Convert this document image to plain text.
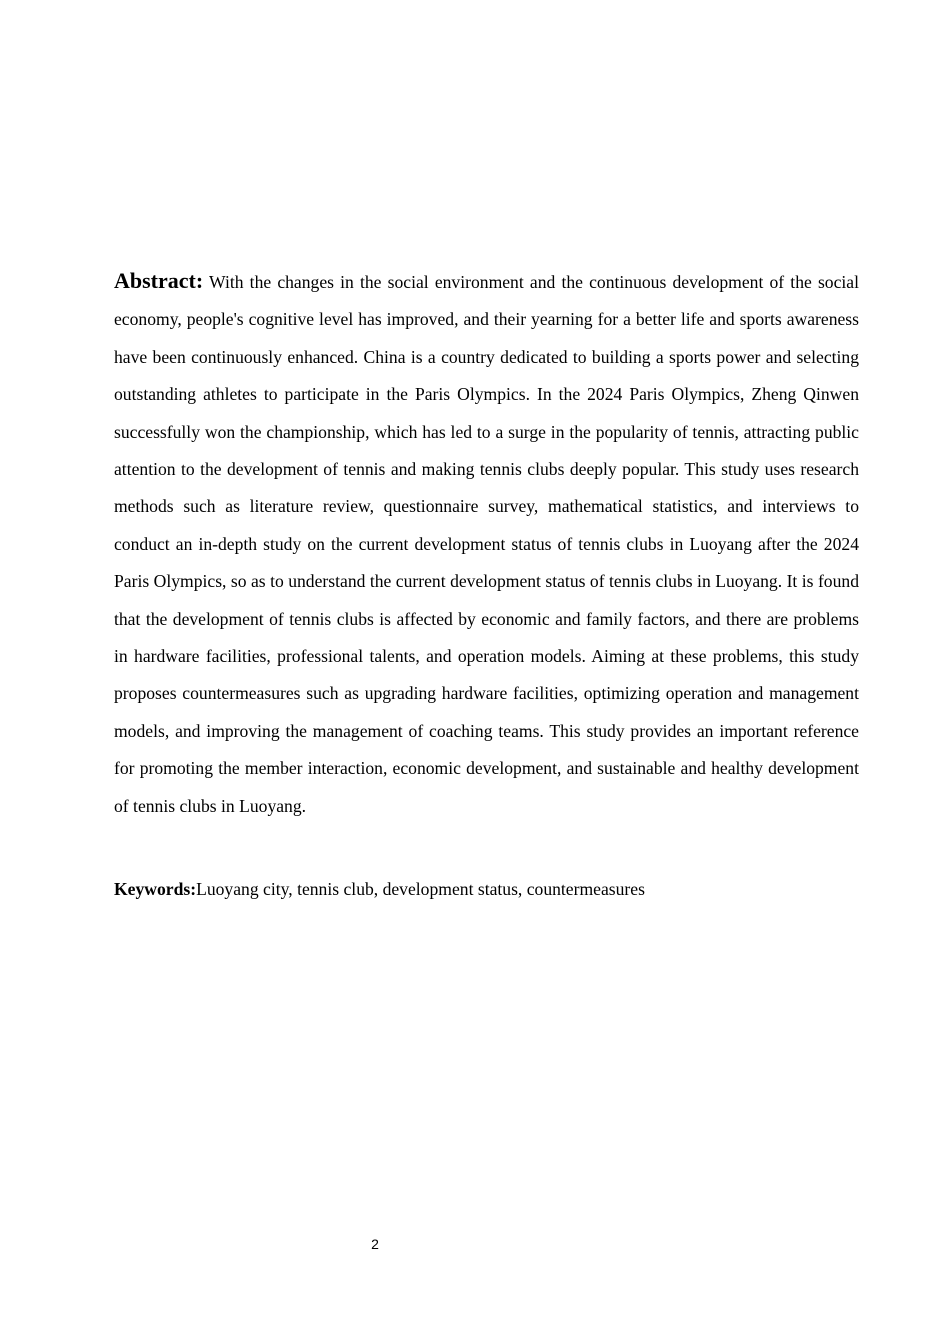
Abstract: With the changes in the social environment and the continuous development of the social economy, people's cognitive level has improved, and their yearning for a better life and sports awareness have been continuously enhanced. China is a country dedicated to building a sports power and selecting outstanding athletes to participate in the Paris Olympics. In the 2024 Paris Olympics, Zheng Qinwen successfully won the championship, which has led to a surge in the popularity of tennis, attracting public attention to the development of tennis and making tennis clubs deeply popular. This study uses research methods such as literature review, questionnaire survey, mathematical statistics, and interviews to conduct an in-depth study on the current development status of tennis clubs in Luoyang after the 2024 Paris Olympics, so as to understand the current development status of tennis clubs in Luoyang. It is found that the development of tennis clubs is affected by economic and family factors, and there are problems in hardware facilities, professional talents, and operation models. Aiming at these problems, this study proposes countermeasures such as upgrading hardware facilities, optimizing operation and management models, and improving the management of coaching teams. This study provides an important reference for promoting the member interaction, economic development, and sustainable and healthy development of tennis clubs in Luoyang.

Keywords:Luoyang city, tennis club, development status, countermeasures

2
